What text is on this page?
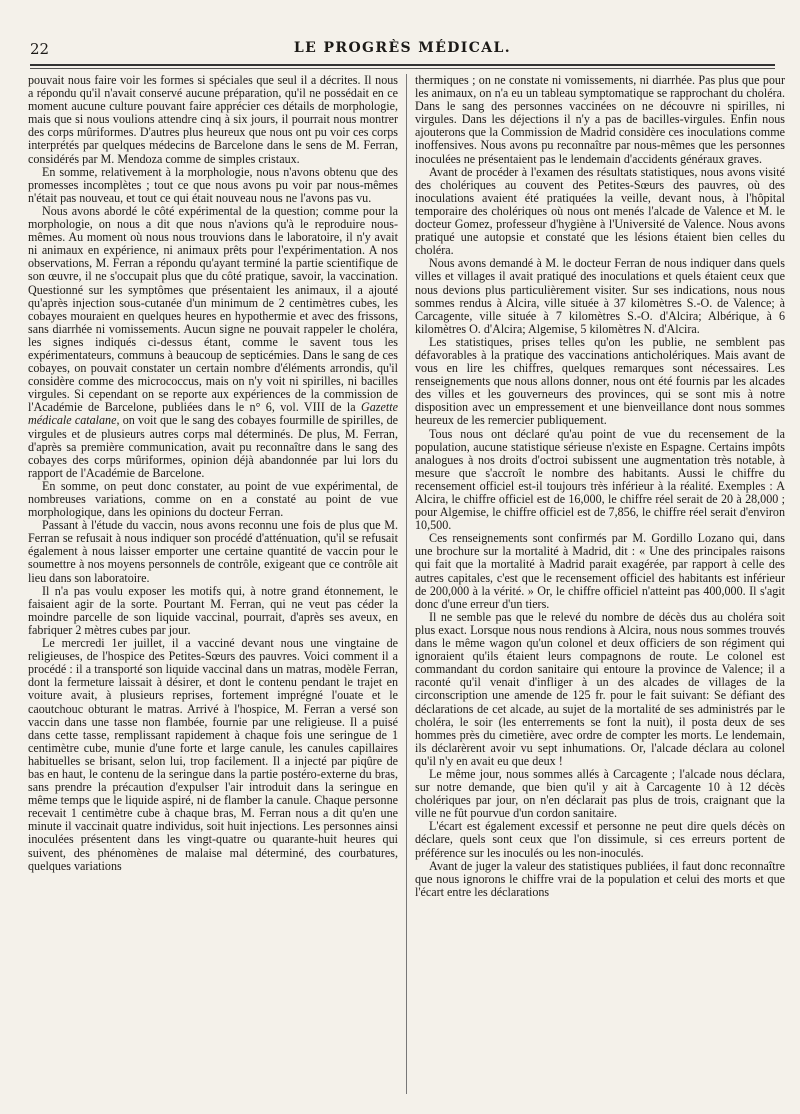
22	LE PROGRÈS MÉDICAL.

pouvait nous faire voir les formes si spéciales que seul il a décrites. Il nous a répondu qu'il n'avait conservé aucune préparation, qu'il ne possédait en ce moment aucune culture pouvant faire apprécier ces détails de morphologie, mais que si nous voulions attendre cinq à six jours, il pourrait nous montrer des corps mûriformes. D'autres plus heureux que nous ont pu voir ces corps interprétés par quelques médecins de Barcelone dans le sens de M. Ferran, considérés par M. Mendoza comme de simples cristaux.

En somme, relativement à la morphologie, nous n'avons obtenu que des promesses incomplètes ; tout ce que nous avons pu voir par nous-mêmes n'était pas nouveau, et tout ce qui était nouveau nous ne l'avons pas vu.

Nous avons abordé le côté expérimental de la question; comme pour la morphologie, on nous a dit que nous n'avions qu'à le reproduire nous-mêmes. Au moment où nous nous trouvions dans le laboratoire, il n'y avait ni animaux en expérience, ni animaux prêts pour l'expérimentation. A nos observations, M. Ferran a répondu qu'ayant terminé la partie scientifique de son œuvre, il ne s'occupait plus que du côté pratique, savoir, la vaccination. Questionné sur les symptômes que présentaient les animaux, il a ajouté qu'après injection sous-cutanée d'un minimum de 2 centimètres cubes, les cobayes mouraient en quelques heures en hypothermie et avec des frissons, sans diarrhée ni vomissements. Aucun signe ne pouvait rappeler le choléra, les signes indiqués ci-dessus étant, comme le savent tous les expérimentateurs, communs à beaucoup de septicémies. Dans le sang de ces cobayes, on pouvait constater un certain nombre d'éléments arrondis, qu'il considère comme des micrococcus, mais on n'y voit ni spirilles, ni bacilles virgules. Si cependant on se reporte aux expériences de la commission de l'Académie de Barcelone, publiées dans le n° 6, vol. VIII de la Gazette médicale catalane, on voit que le sang des cobayes fourmille de spirilles, de virgules et de plusieurs autres corps mal déterminés. De plus, M. Ferran, d'après sa première communication, avait pu reconnaître dans le sang des cobayes des corps mûriformes, opinion déjà abandonnée par lui lors du rapport de l'Académie de Barcelone.

En somme, on peut donc constater, au point de vue expérimental, de nombreuses variations, comme on en a constaté au point de vue morphologique, dans les opinions du docteur Ferran.

Passant à l'étude du vaccin, nous avons reconnu une fois de plus que M. Ferran se refusait à nous indiquer son procédé d'atténuation, qu'il se refusait également à nous laisser emporter une certaine quantité de vaccin pour le soumettre à nos moyens personnels de contrôle, exigeant que ce contrôle ait lieu dans son laboratoire.

Il n'a pas voulu exposer les motifs qui, à notre grand étonnement, le faisaient agir de la sorte. Pourtant M. Ferran, qui ne veut pas céder la moindre parcelle de son liquide vaccinal, pourrait, d'après ses aveux, en fabriquer 2 mètres cubes par jour.

Le mercredi 1er juillet, il a vacciné devant nous une vingtaine de religieuses, de l'hospice des Petites-Sœurs des pauvres. Voici comment il a procédé : il a transporté son liquide vaccinal dans un matras, modèle Ferran, dont la fermeture laissait à désirer, et dont le contenu pendant le trajet en voiture avait, à plusieurs reprises, fortement imprégné l'ouate et le caoutchouc obturant le matras. Arrivé à l'hospice, M. Ferran a versé son vaccin dans une tasse non flambée, fournie par une religieuse. Il a puisé dans cette tasse, remplissant rapidement à chaque fois une seringue de 1 centimètre cube, munie d'une forte et large canule, les canules capillaires habituelles se brisant, selon lui, trop facilement. Il a injecté par piqûre de bas en haut, le contenu de la seringue dans la partie postéro-externe du bras, sans prendre la précaution d'expulser l'air introduit dans la seringue en même temps que le liquide aspiré, ni de flamber la canule. Chaque personne recevait 1 centimètre cube à chaque bras, M. Ferran nous a dit qu'en une minute il vaccinait quatre individus, soit huit injections. Les personnes ainsi inoculées présentent dans les vingt-quatre ou quarante-huit heures qui suivent, des phénomènes de malaise mal déterminé, des courbatures, quelques variations

thermiques ; on ne constate ni vomissements, ni diarrhée. Pas plus que pour les animaux, on n'a eu un tableau symptomatique se rapprochant du choléra. Dans le sang des personnes vaccinées on ne découvre ni spirilles, ni virgules. Dans les déjections il n'y a pas de bacilles-virgules. Enfin nous ajouterons que la Commission de Madrid considère ces inoculations comme inoffensives. Nous avons pu reconnaître par nous-mêmes que les personnes inoculées ne présentaient pas le lendemain d'accidents généraux graves.

Avant de procéder à l'examen des résultats statistiques, nous avons visité des cholériques au couvent des Petites-Sœurs des pauvres, où des inoculations avaient été pratiquées la veille, devant nous, à l'hôpital temporaire des cholériques où nous ont menés l'alcade de Valence et M. le docteur Gomez, professeur d'hygiène à l'Université de Valence. Nous avons pratiqué une autopsie et constaté que les lésions étaient bien celles du choléra.

Nous avons demandé à M. le docteur Ferran de nous indiquer dans quels villes et villages il avait pratiqué des inoculations et quels étaient ceux que nous devions plus particulièrement visiter. Sur ses indications, nous nous sommes rendus à Alcira, ville située à 37 kilomètres S.-O. de Valence; à Carcagente, ville située à 7 kilomètres S.-O. d'Alcira; Albérique, à 6 kilomètres O. d'Alcira; Algemise, 5 kilomètres N. d'Alcira.

Les statistiques, prises telles qu'on les publie, ne semblent pas défavorables à la pratique des vaccinations anticholériques. Mais avant de vous en lire les chiffres, quelques remarques sont nécessaires. Les renseignements que nous allons donner, nous ont été fournis par les alcades des villes et les gouverneurs des provinces, qui se sont mis à notre disposition avec un empressement et une bienveillance dont nous sommes heureux de les remercier publiquement.

Tous nous ont déclaré qu'au point de vue du recensement de la population, aucune statistique sérieuse n'existe en Espagne. Certains impôts analogues à nos droits d'octroi subissent une augmentation très notable, à mesure que s'accroît le nombre des habitants. Aussi le chiffre du recensement officiel est-il toujours très inférieur à la réalité. Exemples : A Alcira, le chiffre officiel est de 16,000, le chiffre réel serait de 20 à 28,000 ; pour Algemise, le chiffre officiel est de 7,856, le chiffre réel serait d'environ 10,500.

Ces renseignements sont confirmés par M. Gordillo Lozano qui, dans une brochure sur la mortalité à Madrid, dit : « Une des principales raisons qui fait que la mortalité à Madrid parait exagérée, par rapport à celle des autres capitales, c'est que le recensement officiel des habitants est inférieur de 200,000 à la vérité. » Or, le chiffre officiel n'atteint pas 400,000. Il s'agit donc d'une erreur d'un tiers.

Il ne semble pas que le relevé du nombre de décès dus au choléra soit plus exact. Lorsque nous nous rendions à Alcira, nous nous sommes trouvés dans le même wagon qu'un colonel et deux officiers de son régiment qui ignoraient qu'ils étaient leurs compagnons de route. Le colonel est commandant du cordon sanitaire qui entoure la province de Valence; il a raconté qu'il venait d'infliger à un des alcades de villages de la circonscription une amende de 125 fr. pour le fait suivant: Se défiant des déclarations de cet alcade, au sujet de la mortalité de ses administrés par le choléra, le soir (les enterrements se font la nuit), il posta deux de ses hommes près du cimetière, avec ordre de compter les morts. Le lendemain, ils déclarèrent avoir vu sept inhumations. Or, l'alcade déclara au colonel qu'il n'y en avait eu que deux !

Le même jour, nous sommes allés à Carcagente ; l'alcade nous déclara, sur notre demande, que bien qu'il y ait à Carcagente 10 à 12 décès cholériques par jour, on n'en déclarait pas plus de trois, craignant que la ville ne fût pourvue d'un cordon sanitaire.

L'écart est également excessif et personne ne peut dire quels décès on déclare, quels sont ceux que l'on dissimule, si ces erreurs portent de préférence sur les inoculés ou les non-inoculés.

Avant de juger la valeur des statistiques publiées, il faut donc reconnaître que nous ignorons le chiffre vrai de la population et celui des morts et que l'écart entre les déclarations
